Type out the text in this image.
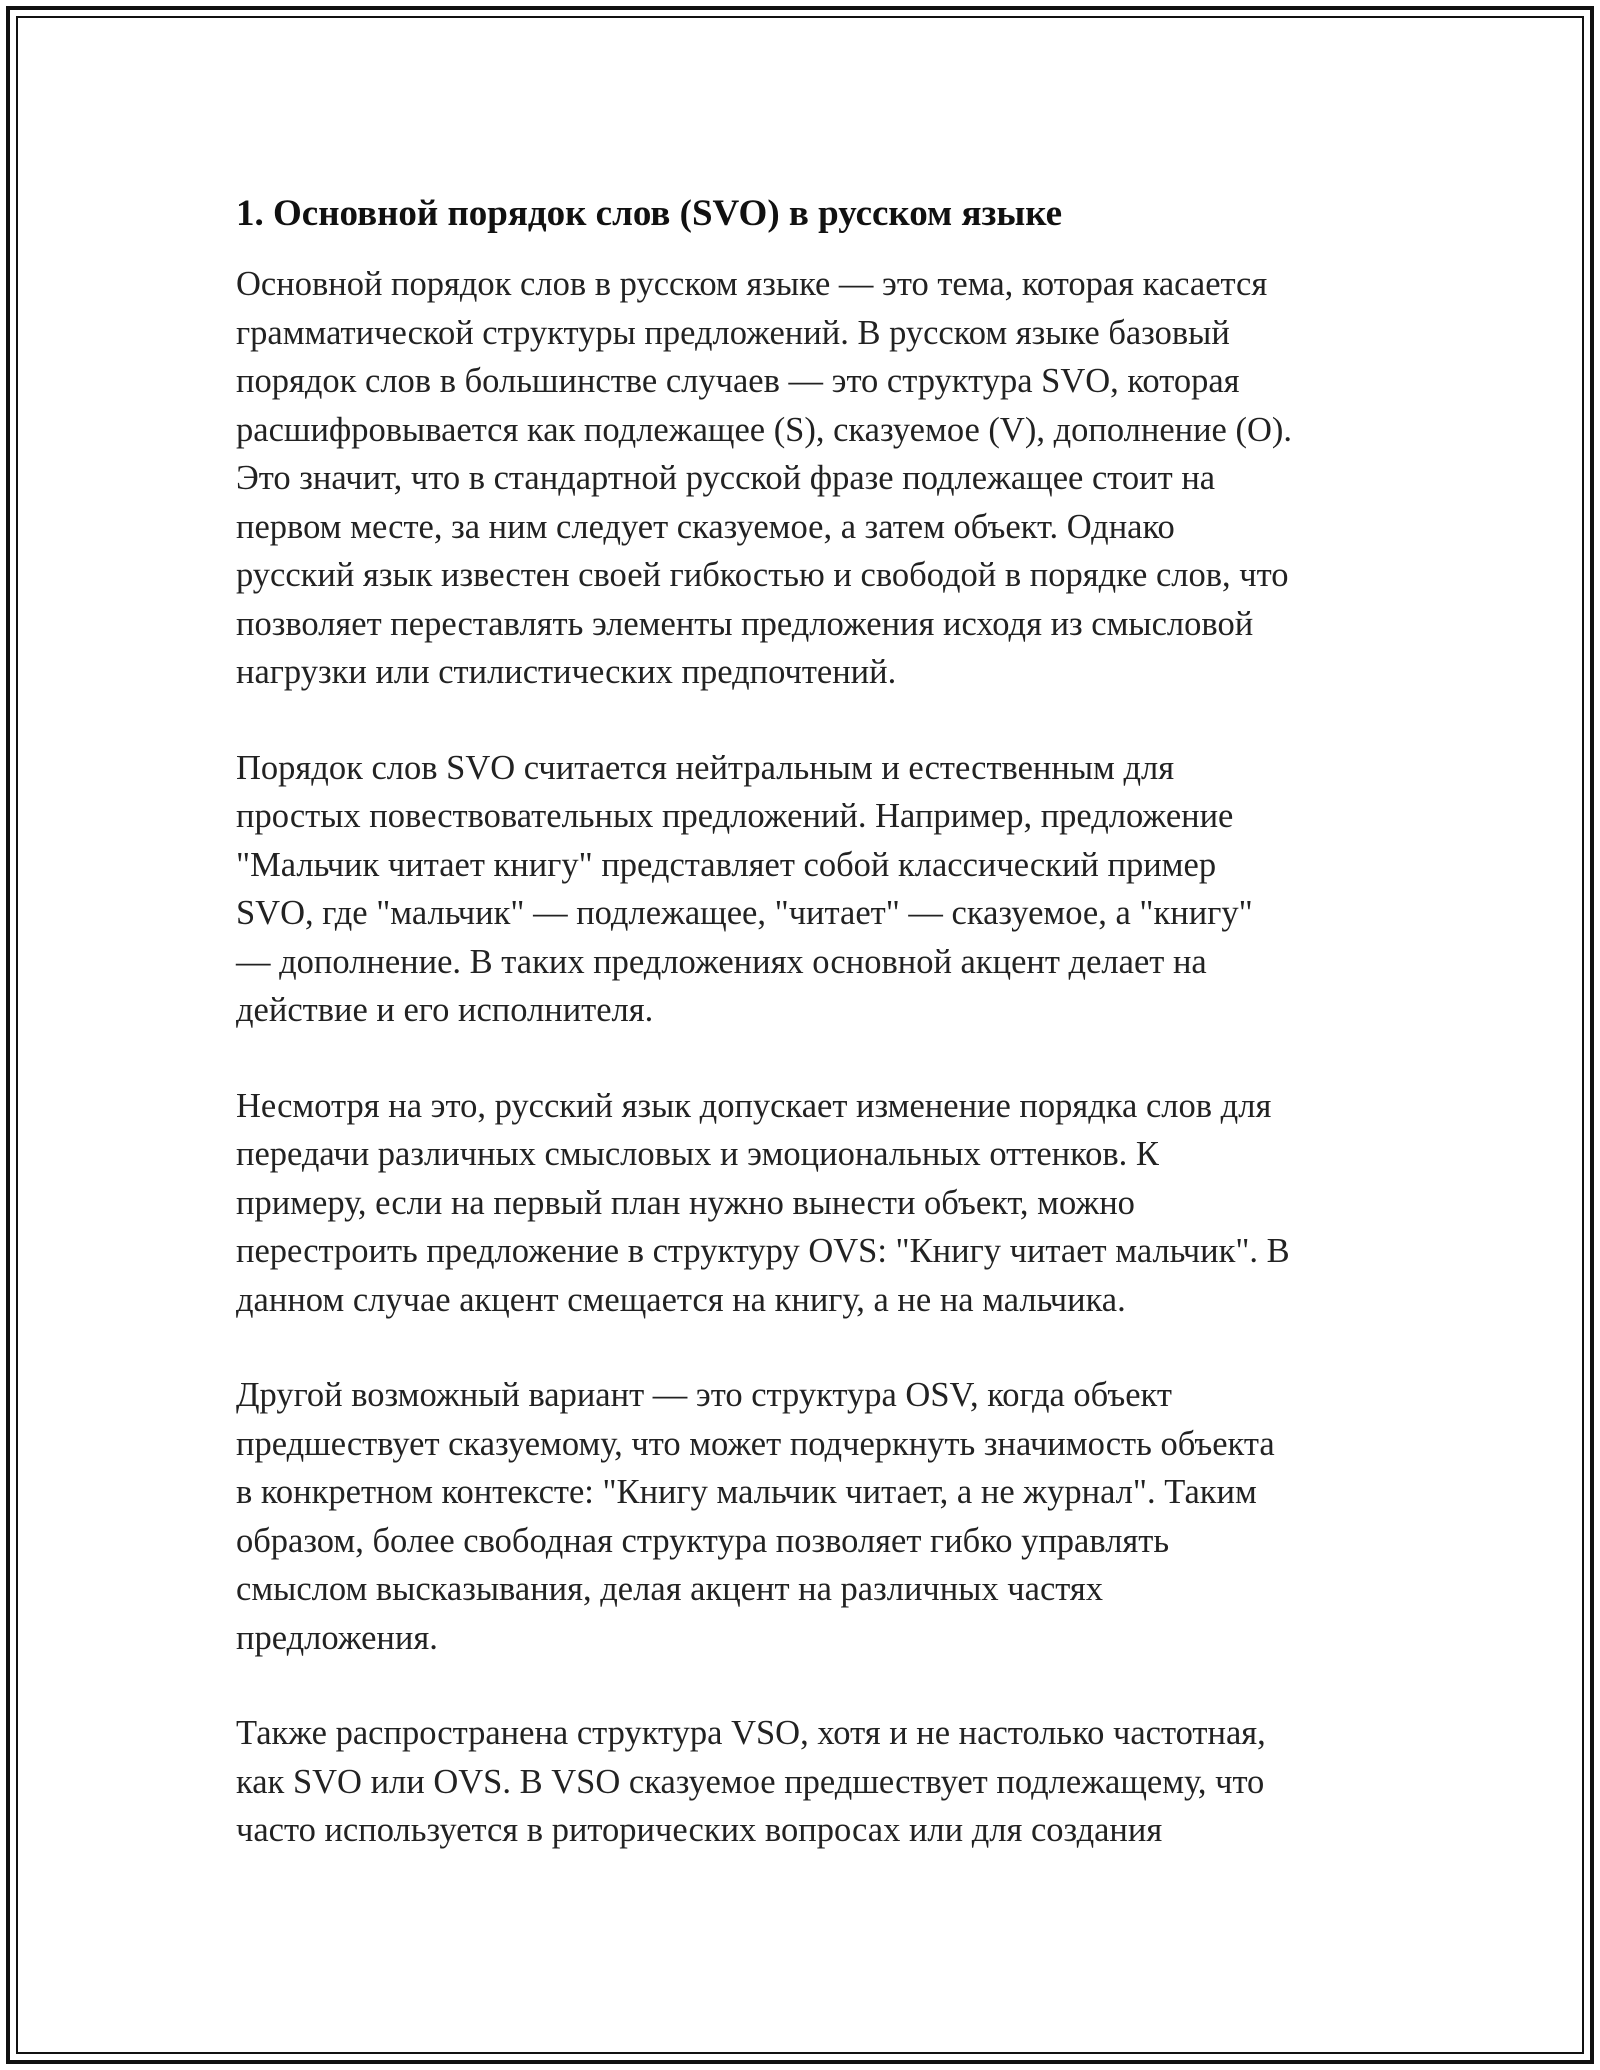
1. Основной порядок слов (SVO) в русском языке

Основной порядок слов в русском языке — это тема, которая касается
грамматической структуры предложений. В русском языке базовый
порядок слов в большинстве случаев — это структура SVO, которая
расшифровывается как подлежащее (S), сказуемое (V), дополнение (O).
Это значит, что в стандартной русской фразе подлежащее стоит на
первом месте, за ним следует сказуемое, а затем объект. Однако
русский язык известен своей гибкостью и свободой в порядке слов, что
позволяет переставлять элементы предложения исходя из смысловой
нагрузки или стилистических предпочтений.

Порядок слов SVO считается нейтральным и естественным для
простых повествовательных предложений. Например, предложение
"Мальчик читает книгу" представляет собой классический пример
SVO, где "мальчик" — подлежащее, "читает" — сказуемое, а "книгу"
— дополнение. В таких предложениях основной акцент делает на
действие и его исполнителя.

Несмотря на это, русский язык допускает изменение порядка слов для
передачи различных смысловых и эмоциональных оттенков. К
примеру, если на первый план нужно вынести объект, можно
перестроить предложение в структуру OVS: "Книгу читает мальчик". В
данном случае акцент смещается на книгу, а не на мальчика.

Другой возможный вариант — это структура OSV, когда объект
предшествует сказуемому, что может подчеркнуть значимость объекта
в конкретном контексте: "Книгу мальчик читает, а не журнал". Таким
образом, более свободная структура позволяет гибко управлять
смыслом высказывания, делая акцент на различных частях
предложения.

Также распространена структура VSO, хотя и не настолько частотная,
как SVO или OVS. В VSO сказуемое предшествует подлежащему, что
часто используется в риторических вопросах или для создания
